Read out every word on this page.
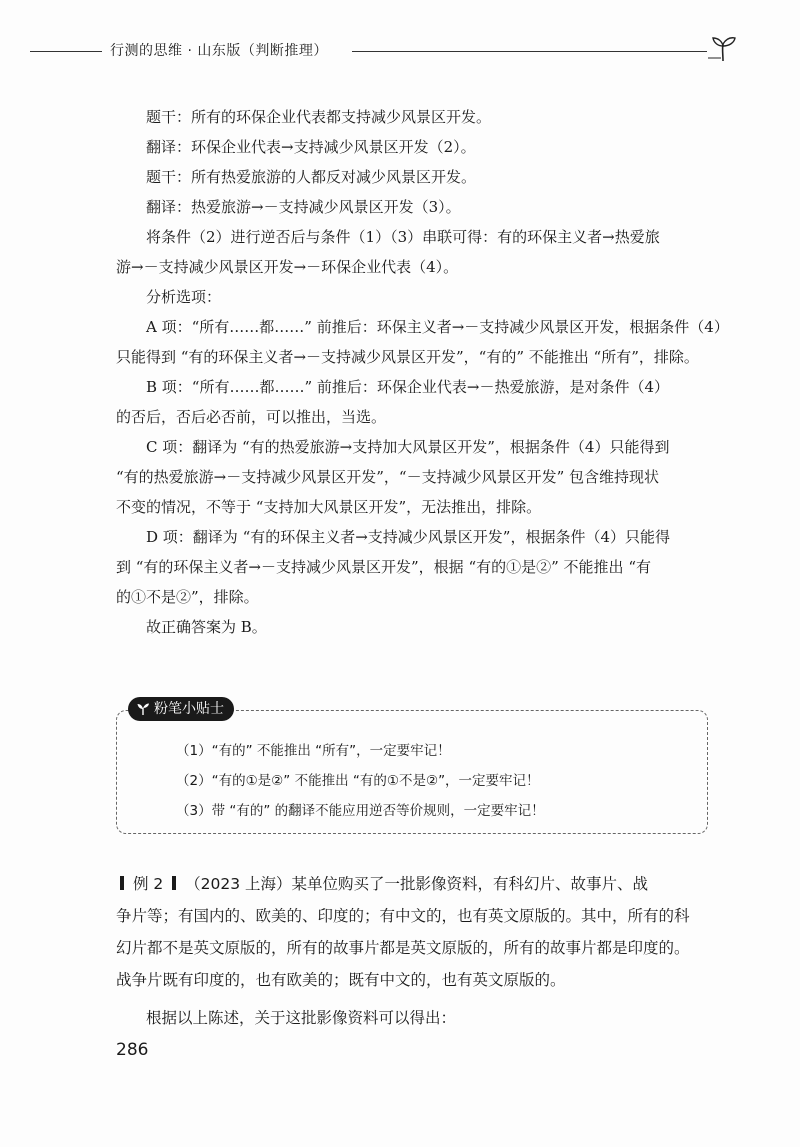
行测的思维 · 山东版（判断推理）

题干：所有的环保企业代表都支持减少风景区开发。

翻译：环保企业代表→支持减少风景区开发（2）。

题干：所有热爱旅游的人都反对减少风景区开发。

翻译：热爱旅游→－支持减少风景区开发（3）。

将条件（2）进行逆否后与条件（1）（3）串联可得：有的环保主义者→热爱旅

游→－支持减少风景区开发→－环保企业代表（4）。

分析选项：

A 项：“所有……都……” 前推后：环保主义者→－支持减少风景区开发，根据条件（4）

只能得到 “有的环保主义者→－支持减少风景区开发”，“有的” 不能推出 “所有”，排除。

B 项：“所有……都……” 前推后：环保企业代表→－热爱旅游，是对条件（4）

的否后，否后必否前，可以推出，当选。

C 项：翻译为 “有的热爱旅游→支持加大风景区开发”，根据条件（4）只能得到

“有的热爱旅游→－支持减少风景区开发”，“－支持减少风景区开发” 包含维持现状

不变的情况，不等于 “支持加大风景区开发”，无法推出，排除。

D 项：翻译为 “有的环保主义者→支持减少风景区开发”，根据条件（4）只能得

到 “有的环保主义者→－支持减少风景区开发”，根据 “有的①是②” 不能推出 “有

的①不是②”，排除。

故正确答案为 B。

粉笔小贴士
（1）“有的” 不能推出 “所有”，一定要牢记！
（2）“有的①是②” 不能推出 “有的①不是②”，一定要牢记！
（3）带 “有的” 的翻译不能应用逆否等价规则，一定要牢记！
例 2 （2023 上海）某单位购买了一批影像资料，有科幻片、故事片、战
争片等；有国内的、欧美的、印度的；有中文的，也有英文原版的。其中，所有的科
幻片都不是英文原版的，所有的故事片都是英文原版的，所有的故事片都是印度的。
战争片既有印度的，也有欧美的；既有中文的，也有英文原版的。
根据以上陈述，关于这批影像资料可以得出：
286
